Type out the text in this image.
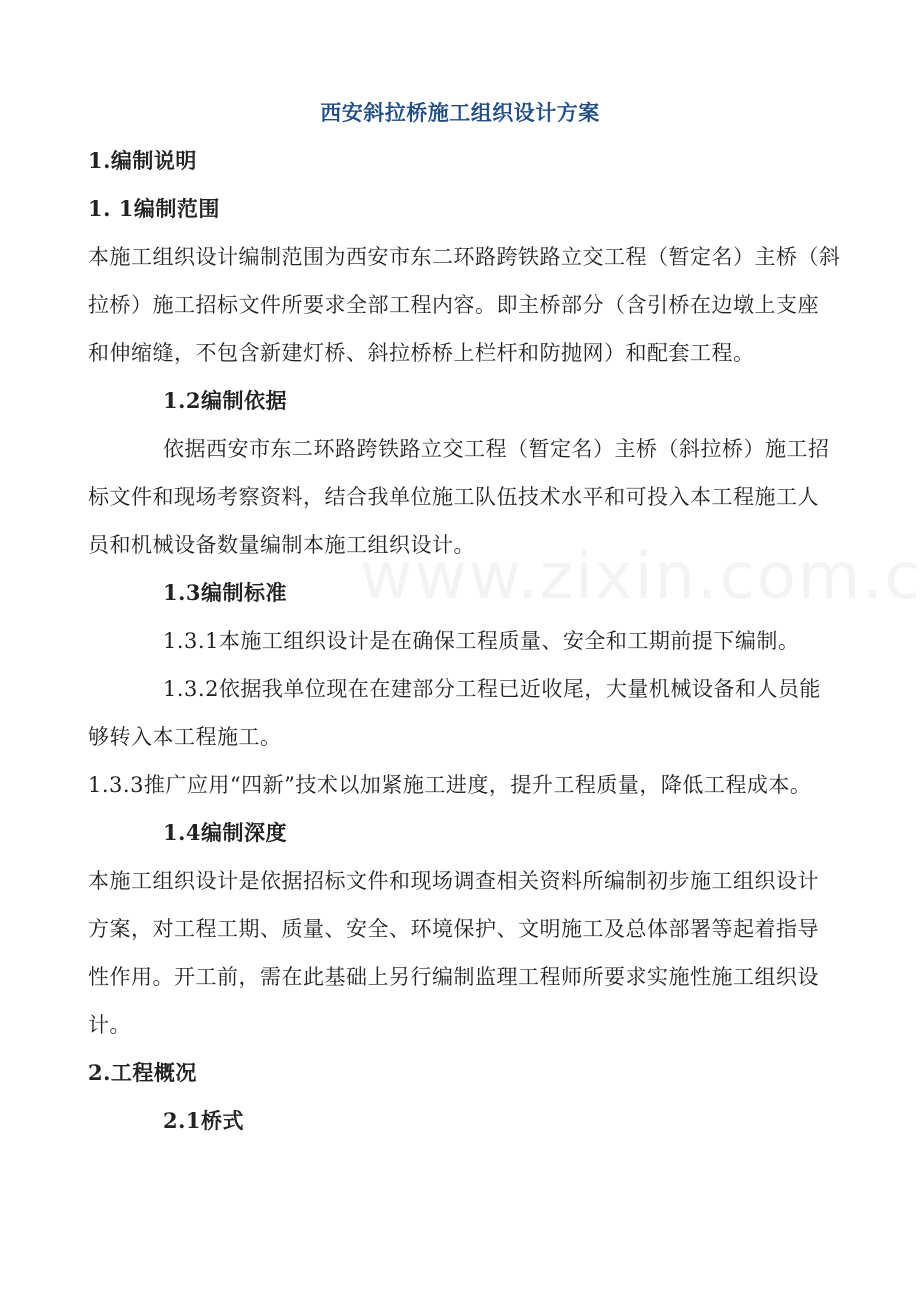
西安斜拉桥施工组织设计方案
1.编制说明
1. 1编制范围
本施工组织设计编制范围为西安市东二环路跨铁路立交工程（暂定名）主桥（斜
拉桥）施工招标文件所要求全部工程内容。即主桥部分（含引桥在边墩上支座
和伸缩缝，不包含新建灯桥、斜拉桥桥上栏杆和防抛网）和配套工程。
1.2编制依据
依据西安市东二环路跨铁路立交工程（暂定名）主桥（斜拉桥）施工招
标文件和现场考察资料，结合我单位施工队伍技术水平和可投入本工程施工人
员和机械设备数量编制本施工组织设计。
1.3编制标准
1.3.1本施工组织设计是在确保工程质量、安全和工期前提下编制。
1.3.2依据我单位现在在建部分工程已近收尾，大量机械设备和人员能
够转入本工程施工。
1.3.3推广应用“四新”技术以加紧施工进度，提升工程质量，降低工程成本。
1.4编制深度
本施工组织设计是依据招标文件和现场调查相关资料所编制初步施工组织设计
方案，对工程工期、质量、安全、环境保护、文明施工及总体部署等起着指导
性作用。开工前，需在此基础上另行编制监理工程师所要求实施性施工组织设
计。
2.工程概况
2.1桥式
